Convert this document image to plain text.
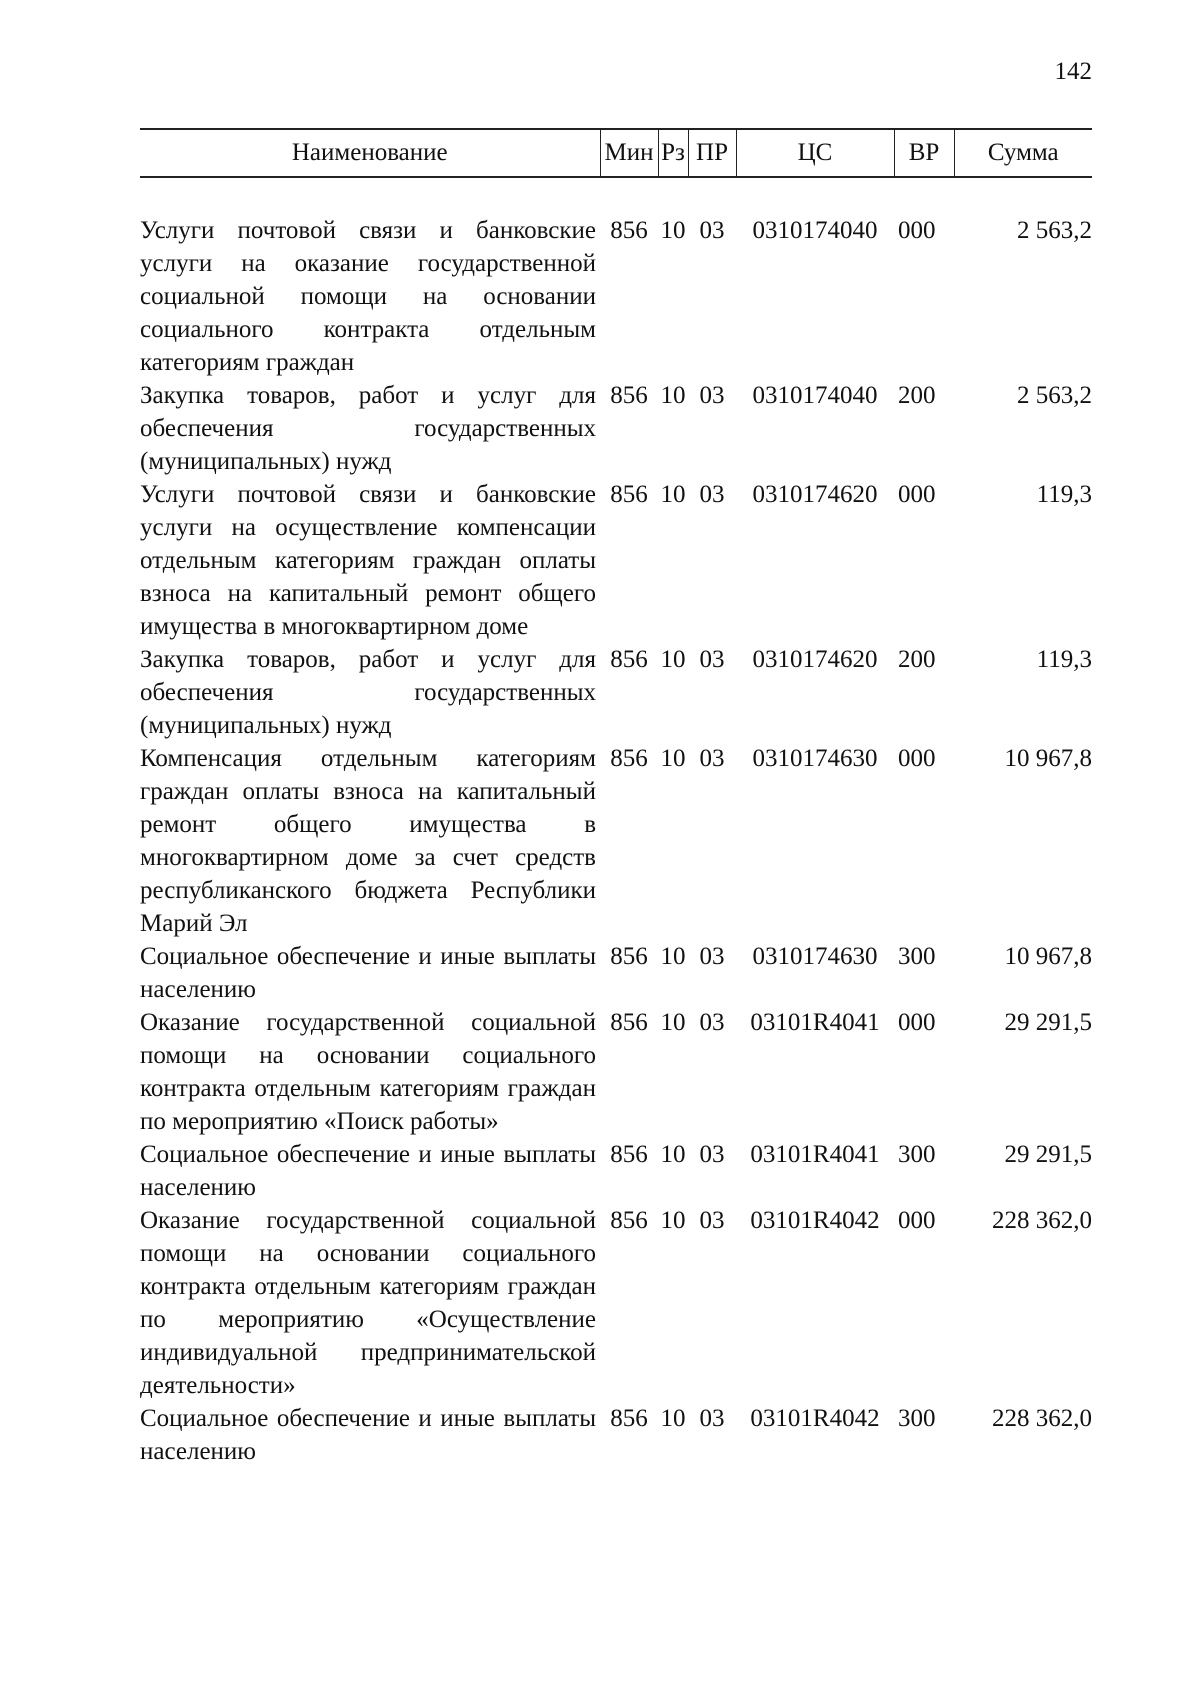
142
Наименование	Мин	Рз	ПР	ЦС	ВР	Сумма

Услуги почтовой связи и банковские услуги на оказание государственной социальной помощи на основании социального контракта отдельным категориям граждан	856	10	03	0310174040	000	2 563,2
Закупка товаров, работ и услуг для обеспечения государственных (муниципальных) нужд	856	10	03	0310174040	200	2 563,2
Услуги почтовой связи и банковские услуги на осуществление компенсации отдельным категориям граждан оплаты взноса на капитальный ремонт общего имущества в многоквартирном доме	856	10	03	0310174620	000	119,3
Закупка товаров, работ и услуг для обеспечения государственных (муниципальных) нужд	856	10	03	0310174620	200	119,3
Компенсация отдельным категориям граждан оплаты взноса на капитальный ремонт общего имущества в многоквартирном доме за счет средств республиканского бюджета Республики Марий Эл	856	10	03	0310174630	000	10 967,8
Социальное обеспечение и иные выплаты населению	856	10	03	0310174630	300	10 967,8
Оказание государственной социальной помощи на основании социального контракта отдельным категориям граждан по мероприятию «Поиск работы»	856	10	03	03101R4041	000	29 291,5
Социальное обеспечение и иные выплаты населению	856	10	03	03101R4041	300	29 291,5
Оказание государственной социальной помощи на основании социального контракта отдельным категориям граждан по мероприятию «Осуществление индивидуальной предпринимательской деятельности»	856	10	03	03101R4042	000	228 362,0
Социальное обеспечение и иные выплаты населению	856	10	03	03101R4042	300	228 362,0
